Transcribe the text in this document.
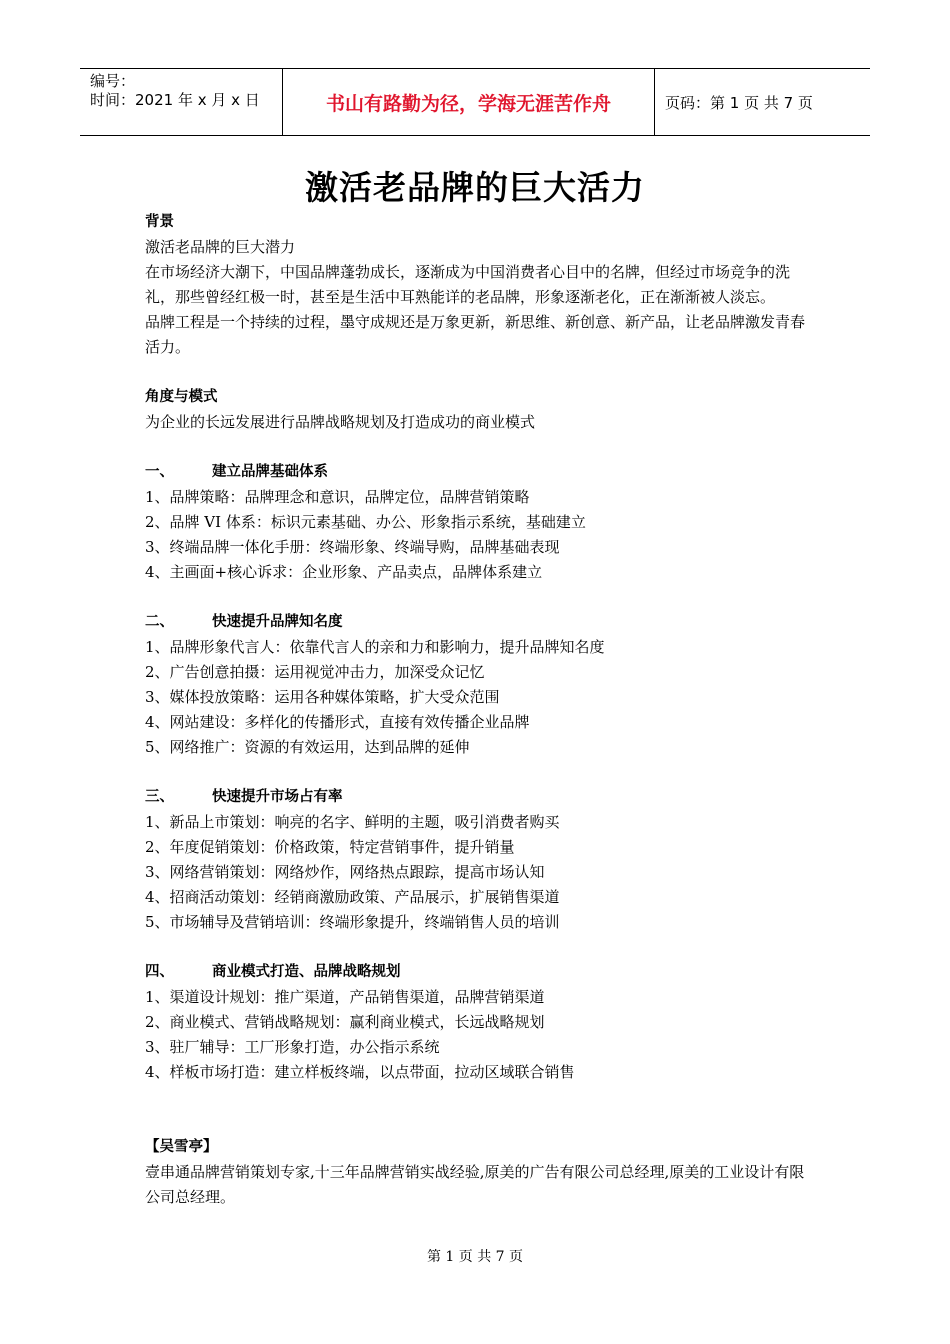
编号：
时间：2021 年 x 月 x 日	书山有路勤为径，学海无涯苦作舟	页码：第 1 页 共 7 页
激活老品牌的巨大活力

背景

激活老品牌的巨大潜力

在市场经济大潮下，中国品牌蓬勃成长，逐渐成为中国消费者心目中的名牌，但经过市场竞争的洗礼，那些曾经红极一时，甚至是生活中耳熟能详的老品牌，形象逐渐老化，正在渐渐被人淡忘。

品牌工程是一个持续的过程，墨守成规还是万象更新，新思维、新创意、新产品，让老品牌激发青春活力。

角度与模式

为企业的长远发展进行品牌战略规划及打造成功的商业模式

一、	建立品牌基础体系

1、品牌策略：品牌理念和意识，品牌定位，品牌营销策略

2、品牌 VI 体系：标识元素基础、办公、形象指示系统，基础建立

3、终端品牌一体化手册：终端形象、终端导购，品牌基础表现

4、主画面+核心诉求：企业形象、产品卖点，品牌体系建立

二、	快速提升品牌知名度

1、品牌形象代言人：依靠代言人的亲和力和影响力，提升品牌知名度

2、广告创意拍摄：运用视觉冲击力，加深受众记忆

3、媒体投放策略：运用各种媒体策略，扩大受众范围

4、网站建设：多样化的传播形式，直接有效传播企业品牌

5、网络推广：资源的有效运用，达到品牌的延伸

三、	快速提升市场占有率

1、新品上市策划：响亮的名字、鲜明的主题，吸引消费者购买

2、年度促销策划：价格政策，特定营销事件，提升销量

3、网络营销策划：网络炒作，网络热点跟踪，提高市场认知

4、招商活动策划：经销商激励政策、产品展示，扩展销售渠道

5、市场辅导及营销培训：终端形象提升，终端销售人员的培训

四、	商业模式打造、品牌战略规划

1、渠道设计规划：推广渠道，产品销售渠道，品牌营销渠道

2、商业模式、营销战略规划：赢利商业模式，长远战略规划

3、驻厂辅导：工厂形象打造，办公指示系统

4、样板市场打造：建立样板终端，以点带面，拉动区域联合销售

【吴雪亭】

壹串通品牌营销策划专家,十三年品牌营销实战经验,原美的广告有限公司总经理,原美的工业设计有限公司总经理。

第 1 页 共 7 页
